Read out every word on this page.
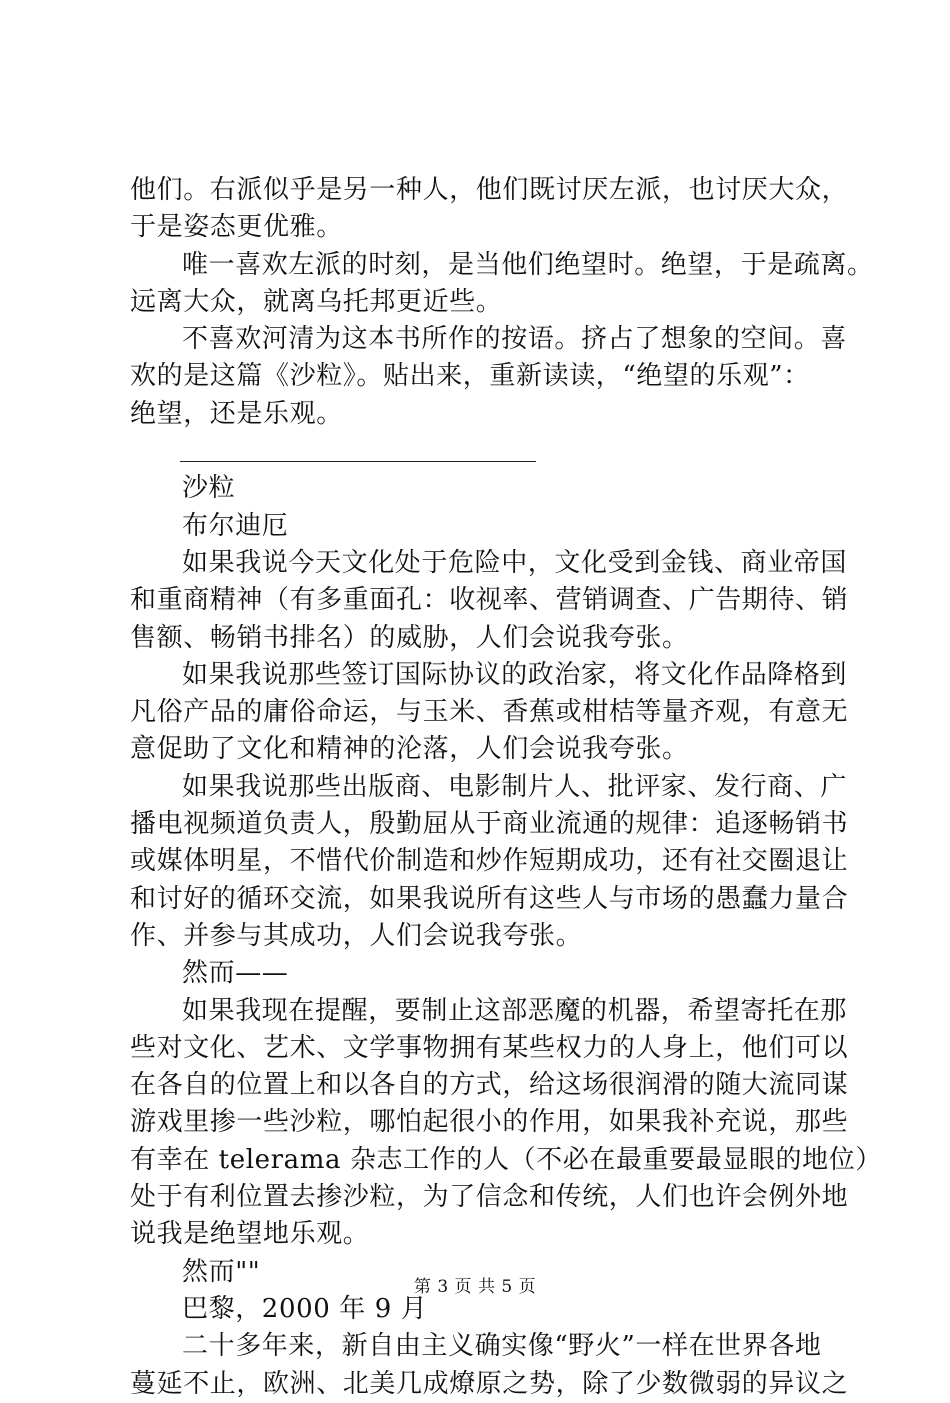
他们。右派似乎是另一种人，他们既讨厌左派，也讨厌大众，
于是姿态更优雅。
唯一喜欢左派的时刻，是当他们绝望时。绝望，于是疏离。
远离大众，就离乌托邦更近些。
不喜欢河清为这本书所作的按语。挤占了想象的空间。喜
欢的是这篇《沙粒》。贴出来，重新读读，“绝望的乐观”：
绝望，还是乐观。
沙粒
布尔迪厄
如果我说今天文化处于危险中，文化受到金钱、商业帝国
和重商精神（有多重面孔：收视率、营销调查、广告期待、销
售额、畅销书排名）的威胁，人们会说我夸张。
如果我说那些签订国际协议的政治家，将文化作品降格到
凡俗产品的庸俗命运，与玉米、香蕉或柑桔等量齐观，有意无
意促助了文化和精神的沦落，人们会说我夸张。
如果我说那些出版商、电影制片人、批评家、发行商、广
播电视频道负责人，殷勤屈从于商业流通的规律：追逐畅销书
或媒体明星，不惜代价制造和炒作短期成功，还有社交圈退让
和讨好的循环交流，如果我说所有这些人与市场的愚蠢力量合
作、并参与其成功，人们会说我夸张。
然而——
如果我现在提醒，要制止这部恶魔的机器，希望寄托在那
些对文化、艺术、文学事物拥有某些权力的人身上，他们可以
在各自的位置上和以各自的方式，给这场很润滑的随大流同谋
游戏里掺一些沙粒，哪怕起很小的作用，如果我补充说，那些
有幸在 telerama 杂志工作的人（不必在最重要最显眼的地位）
处于有利位置去掺沙粒，为了信念和传统，人们也许会例外地
说我是绝望地乐观。
然而""
巴黎，2000 年 9 月
二十多年来，新自由主义确实像“野火”一样在世界各地
蔓延不止，欧洲、北美几成燎原之势，除了少数微弱的异议之
第 3 页 共 5 页
